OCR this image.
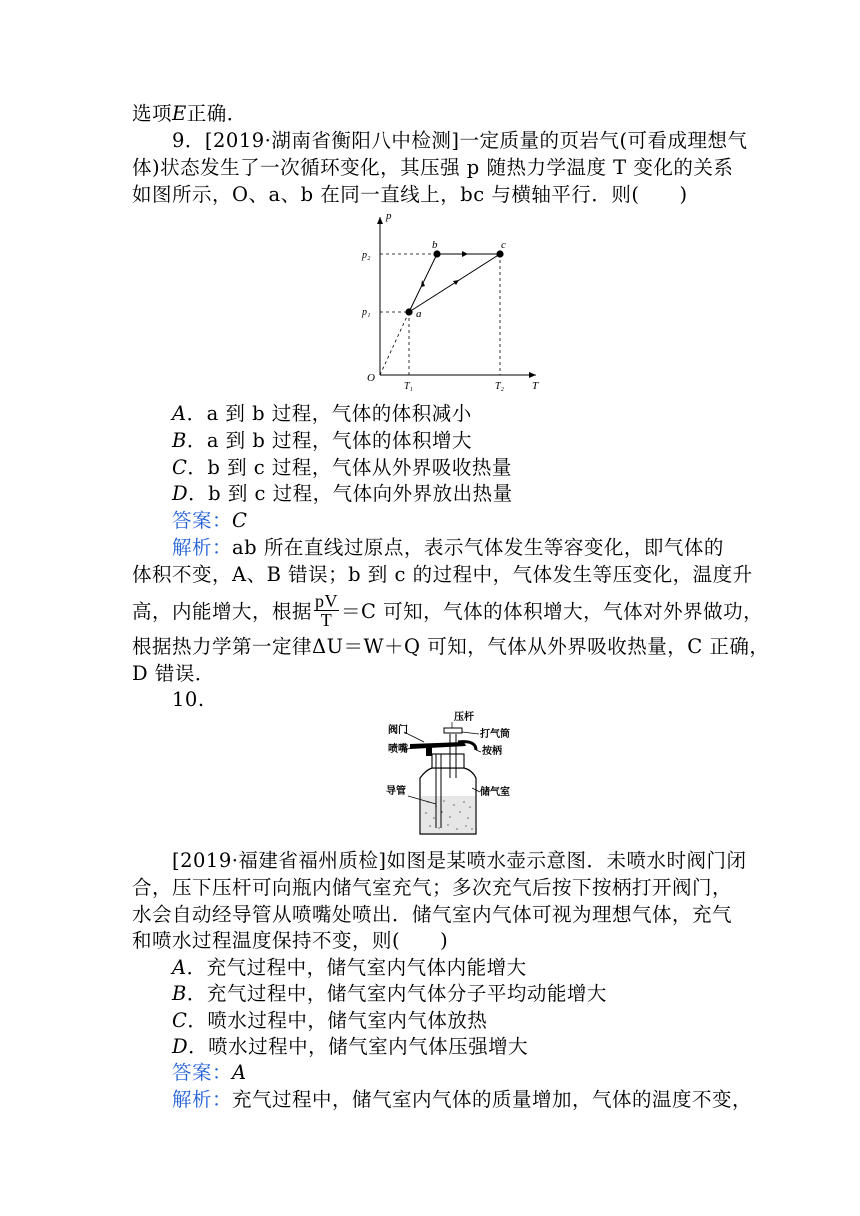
选项E正确．
9．[2019·湖南省衡阳八中检测]一定质量的页岩气(可看成理想气
体)状态发生了一次循环变化，其压强 p 随热力学温度 T 变化的关系
如图所示，O、a、b 在同一直线上，bc 与横轴平行．则(　　)
p
T
O
a
b	c
p₂
p₁
T₁	T₂
A．a 到 b 过程，气体的体积减小
B．a 到 b 过程，气体的体积增大
C．b 到 c 过程，气体从外界吸收热量
D．b 到 c 过程，气体向外界放出热量
答案：C
解析：ab 所在直线过原点，表示气体发生等容变化，即气体的
体积不变，A、B 错误；b 到 c 的过程中，气体发生等压变化，温度升
高，内能增大，根据 $\frac{pV}{T} =C$ 可知，气体的体积增大，气体对外界做功，
根据热力学第一定律ΔU＝W＋Q 可知，气体从外界吸收热量，C 正确，
D 错误．
10.
阀门
压杆
打气筒
喷嘴	按柄
导管	储气室
[2019·福建省福州质检]如图是某喷水壶示意图．未喷水时阀门闭
合，压下压杆可向瓶内储气室充气；多次充气后按下按柄打开阀门，
水会自动经导管从喷嘴处喷出．储气室内气体可视为理想气体，充气
和喷水过程温度保持不变，则(　　)
A．充气过程中，储气室内气体内能增大
B．充气过程中，储气室内气体分子平均动能增大
C．喷水过程中，储气室内气体放热
D．喷水过程中，储气室内气体压强增大
答案：A
解析：充气过程中，储气室内气体的质量增加，气体的温度不变，
